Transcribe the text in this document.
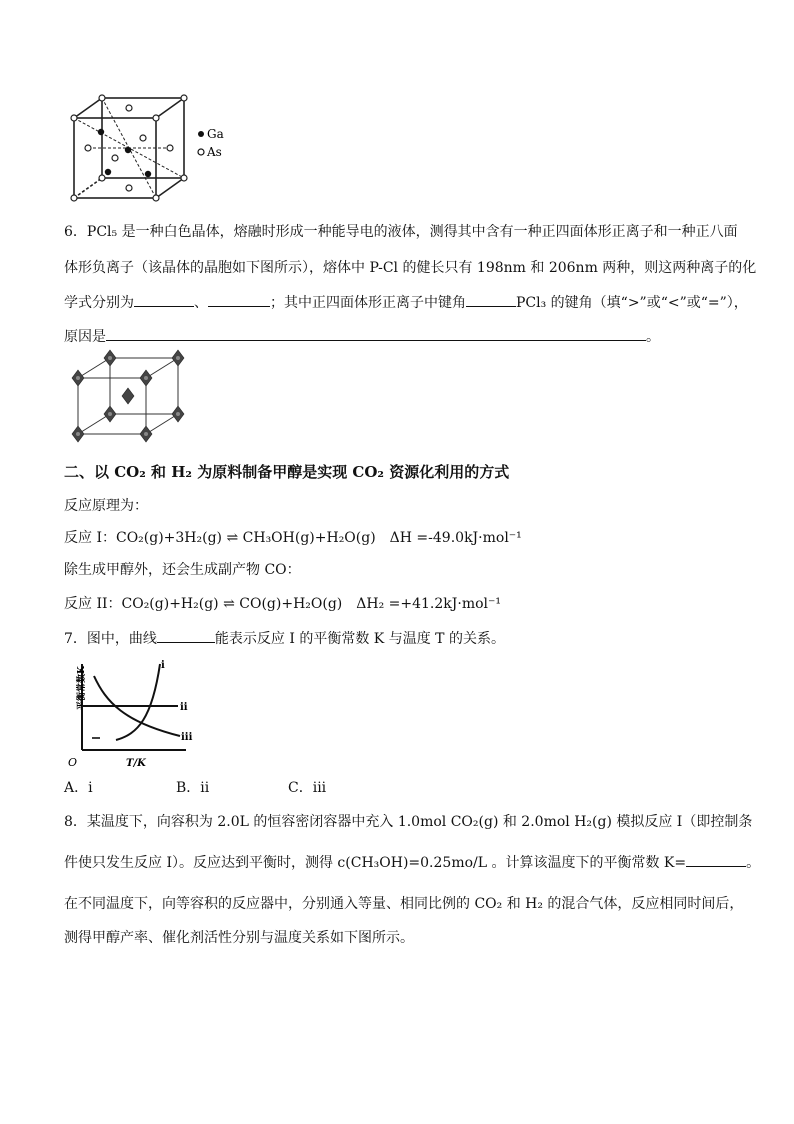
Ga
As
6．PCl₅ 是一种白色晶体，熔融时形成一种能导电的液体，测得其中含有一种正四面体形正离子和一种正八面
体形负离子（该晶体的晶胞如下图所示），熔体中 P-Cl 的健长只有 198nm 和 206nm 两种，则这两种离子的化
学式分别为	、	；其中正四面体形正离子中键角	PCl₃ 的键角（填“>”或“<”或“=”），
原因是	。
二、以 CO₂ 和 H₂ 为原料制备甲醇是实现 CO₂ 资源化利用的方式
反应原理为：
反应 I：CO₂(g)+3H₂(g) ⇌ CH₃OH(g)+H₂O(g)　ΔH =-49.0kJ·mol⁻¹
除生成甲醇外，还会生成副产物 CO：
反应 II：CO₂(g)+H₂(g) ⇌ CO(g)+H₂O(g)　ΔH₂ =+41.2kJ·mol⁻¹
7．图中，曲线	能表示反应 I 的平衡常数 K 与温度 T 的关系。
平衡常数K
T/K
O
i
ii
iii
A．i	B．ii	C．iii
8．某温度下，向容积为 2.0L 的恒容密闭容器中充入 1.0mol CO₂(g) 和 2.0mol H₂(g) 模拟反应 I（即控制条
件使只发生反应 I）。反应达到平衡时，测得 c(CH₃OH)=0.25mo/L 。计算该温度下的平衡常数 K=	。
在不同温度下，向等容积的反应器中，分别通入等量、相同比例的 CO₂ 和 H₂ 的混合气体，反应相同时间后，
测得甲醇产率、催化剂活性分别与温度关系如下图所示。
